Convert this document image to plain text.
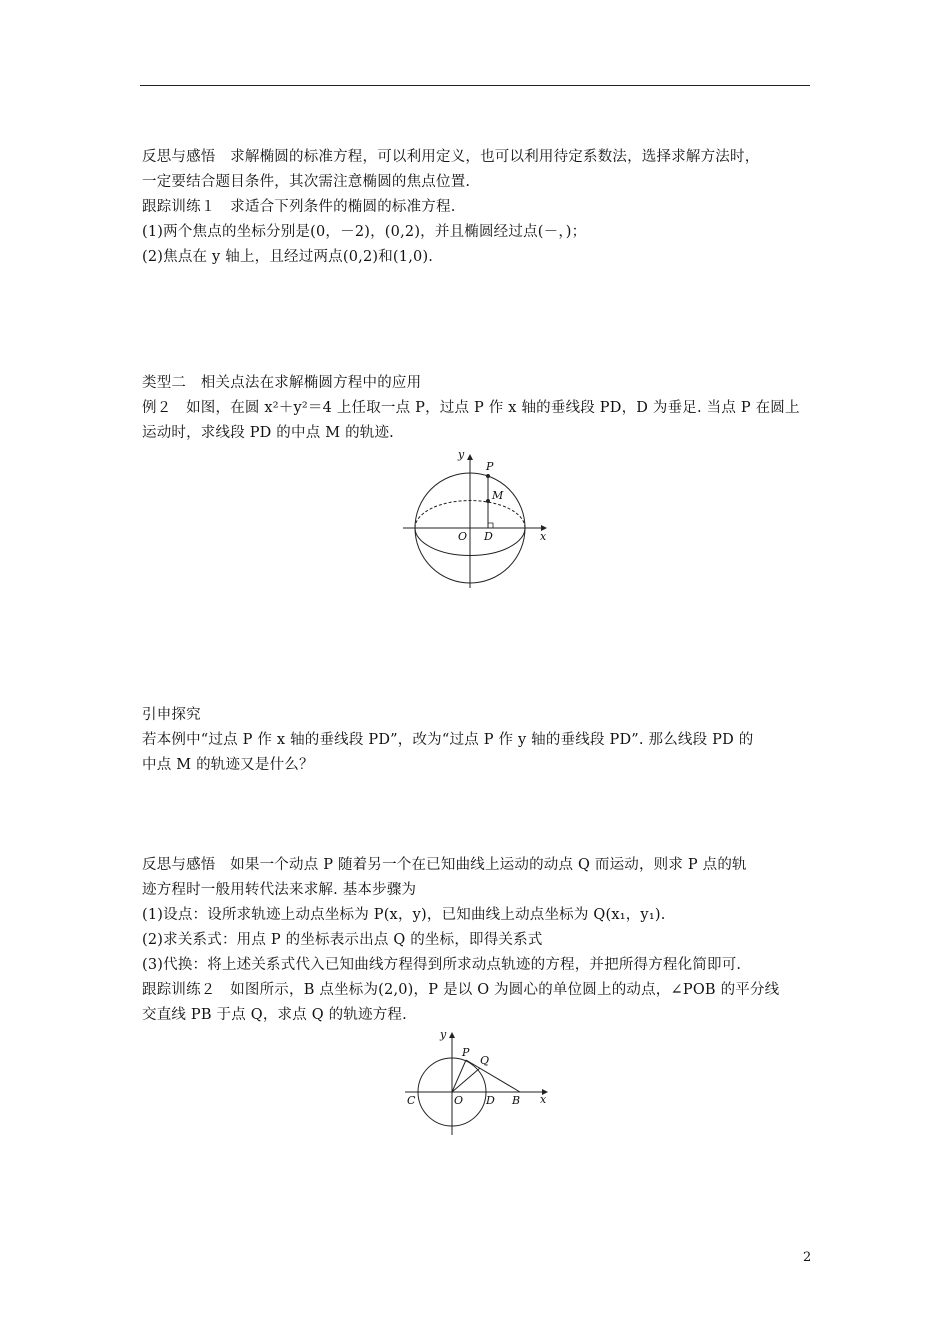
反思与感悟　求解椭圆的标准方程，可以利用定义，也可以利用待定系数法，选择求解方法时，
一定要结合题目条件，其次需注意椭圆的焦点位置.
跟踪训练１　求适合下列条件的椭圆的标准方程.
(1)两个焦点的坐标分别是(0，－2)，(0,2)，并且椭圆经过点(－，)；
(2)焦点在 y 轴上，且经过两点(0,2)和(1,0).
类型二　相关点法在求解椭圆方程中的应用
例２　如图，在圆 x²＋y²＝4 上任取一点 P，过点 P 作 x 轴的垂线段 PD，D 为垂足. 当点 P 在圆上
运动时，求线段 PD 的中点 M 的轨迹.
引申探究
若本例中“过点 P 作 x 轴的垂线段 PD”，改为“过点 P 作 y 轴的垂线段 PD”. 那么线段 PD 的
中点 M 的轨迹又是什么？
反思与感悟　如果一个动点 P 随着另一个在已知曲线上运动的动点 Q 而运动，则求 P 点的轨
迹方程时一般用转代法来求解. 基本步骤为
(1)设点：设所求轨迹上动点坐标为 P(x，y)，已知曲线上动点坐标为 Q(x₁，y₁).
(2)求关系式：用点 P 的坐标表示出点 Q 的坐标，即得关系式
(3)代换：将上述关系式代入已知曲线方程得到所求动点轨迹的方程，并把所得方程化简即可.
跟踪训练２　如图所示，B 点坐标为(2,0)，P 是以 O 为圆心的单位圆上的动点，∠POB 的平分线
交直线 PB 于点 Q，求点 Q 的轨迹方程.
y
x
P
M
O D
y
x
P
Q
C	O D B
2
